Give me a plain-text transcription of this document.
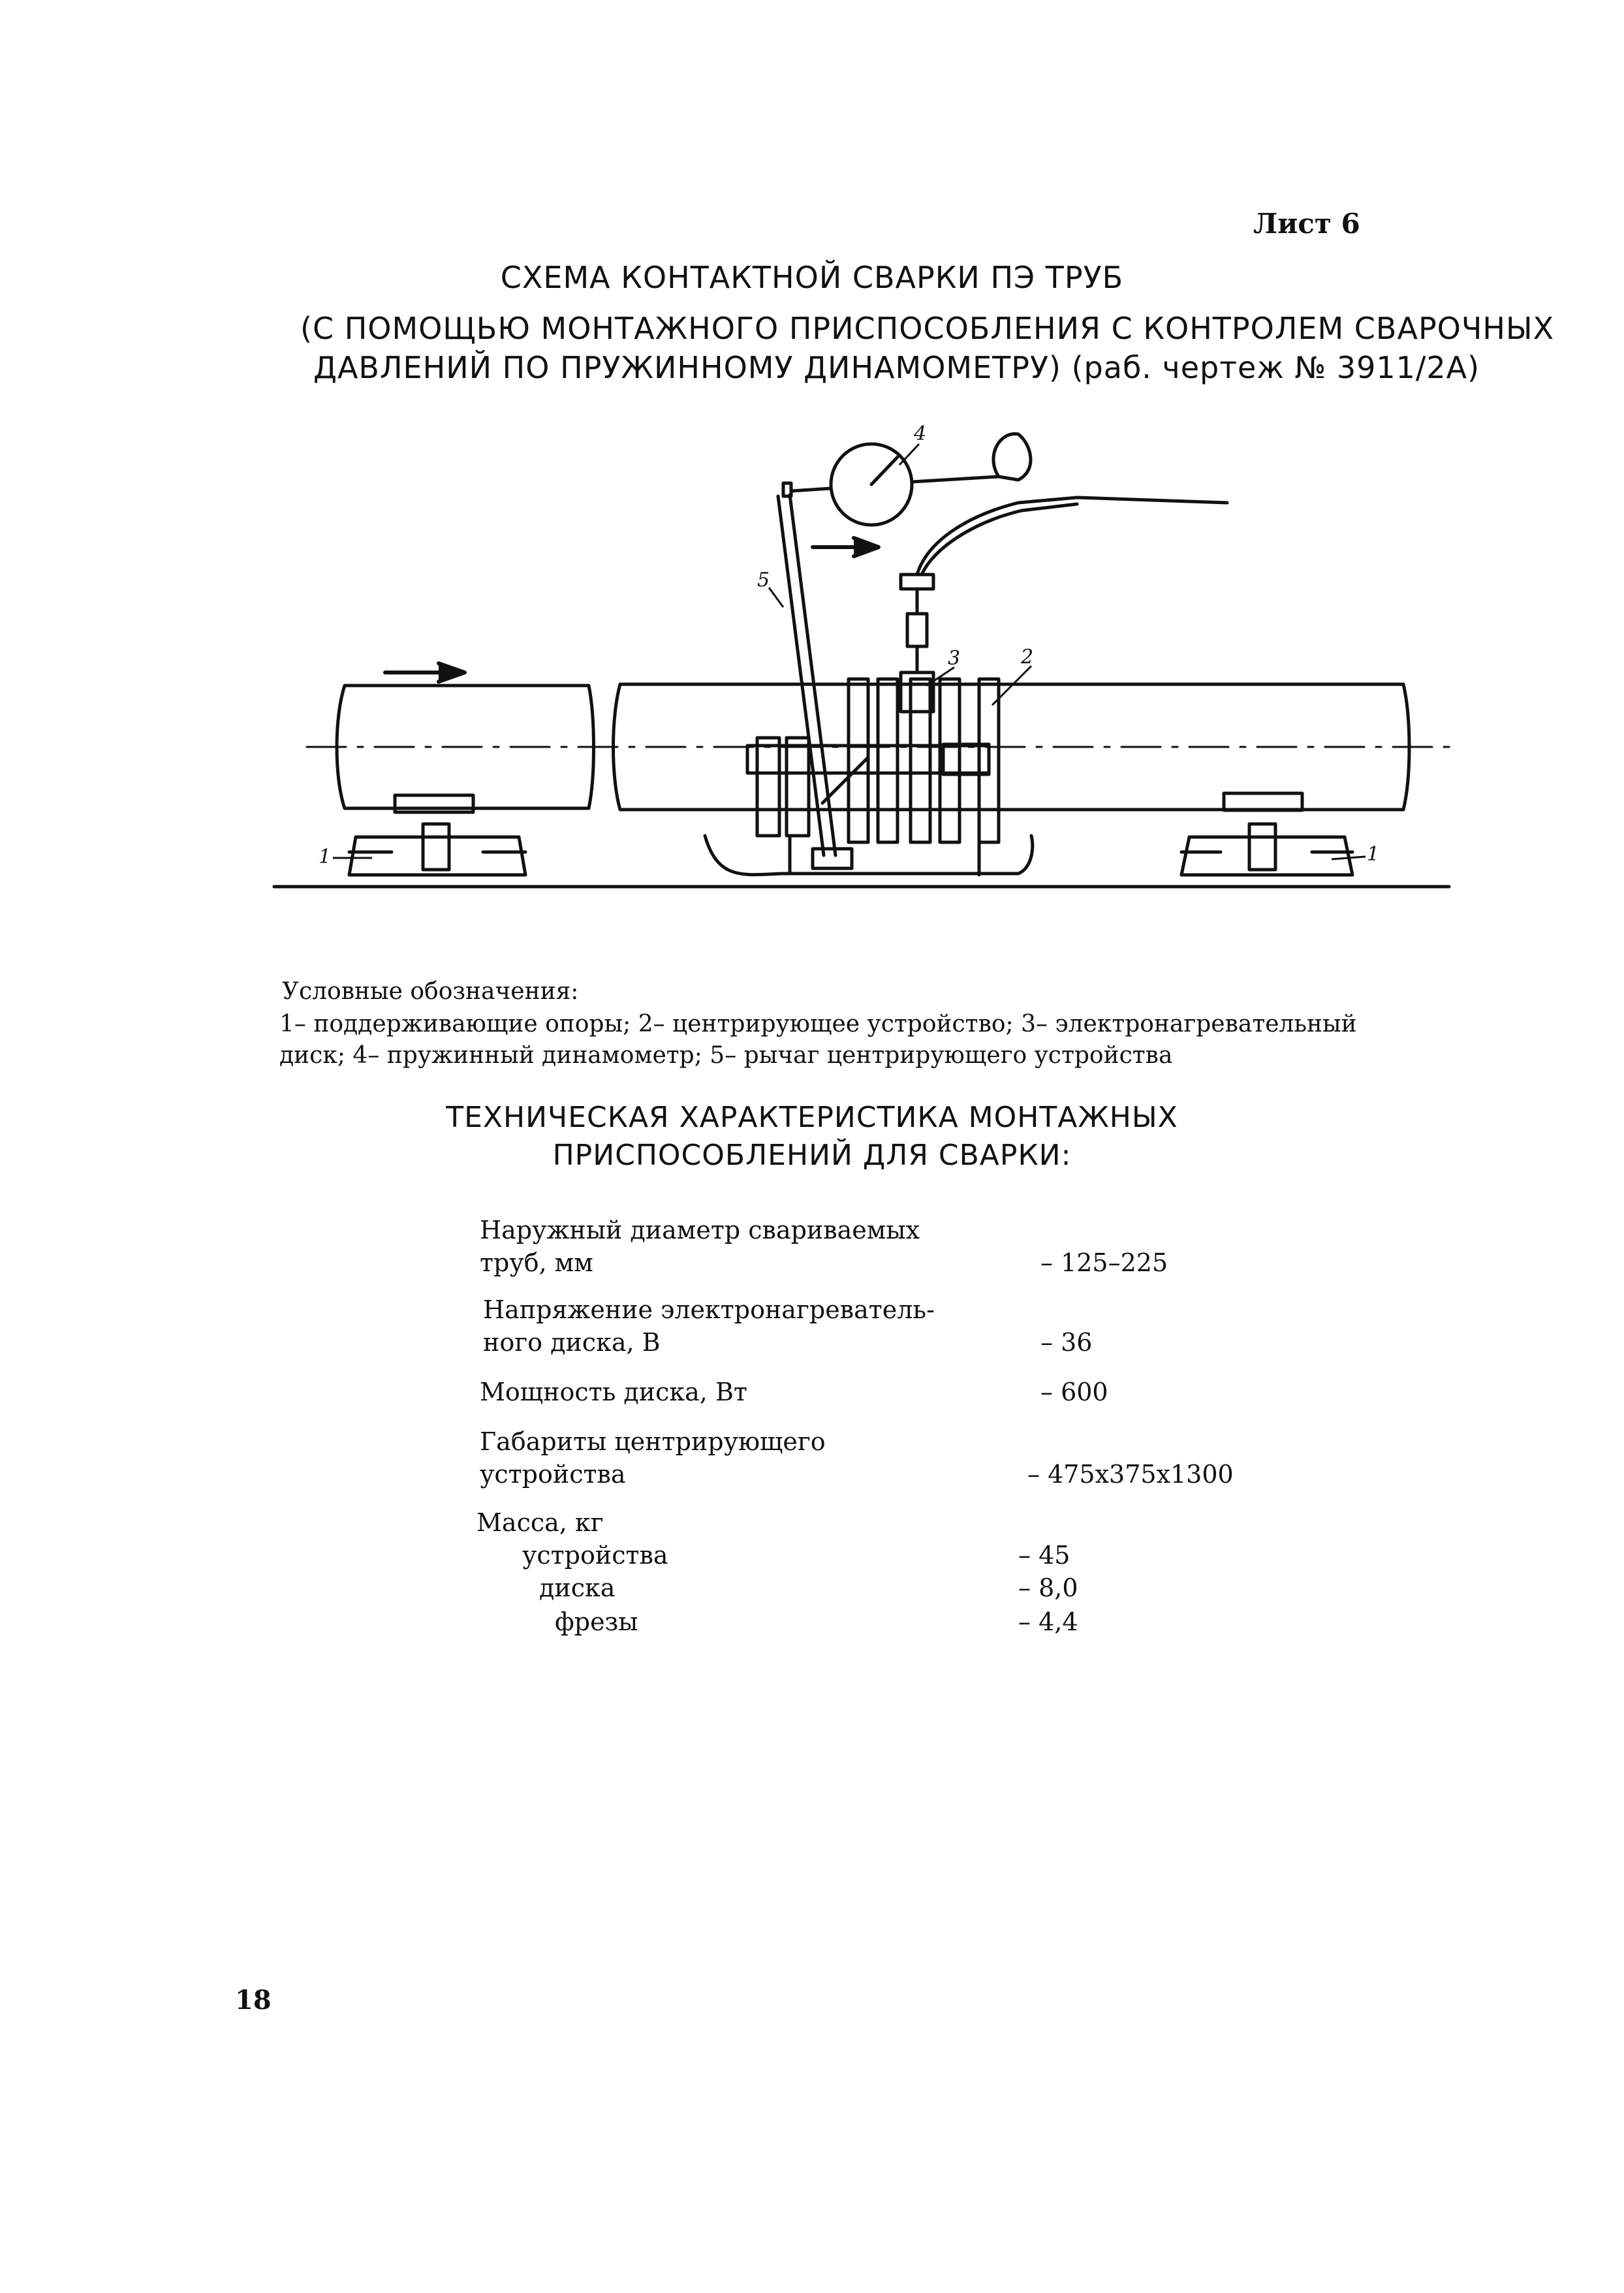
Лист 6
СХЕМА КОНТАКТНОЙ СВАРКИ ПЭ ТРУБ
(С ПОМОЩЬЮ МОНТАЖНОГО ПРИСПОСОБЛЕНИЯ С КОНТРОЛЕМ СВАРОЧНЫХ
ДАВЛЕНИЙ ПО ПРУЖИННОМУ ДИНАМОМЕТРУ) (раб. чертеж № 3911/2А)
1
2
3
4
5
1
Условные обозначения:
1– поддерживающие опоры; 2– центрирующее устройство; 3– электронагревательный
диск; 4– пружинный динамометр; 5– рычаг центрирующего устройства
ТЕХНИЧЕСКАЯ ХАРАКТЕРИСТИКА МОНТАЖНЫХ
ПРИСПОСОБЛЕНИЙ ДЛЯ СВАРКИ:
Наружный диаметр свариваемых
труб, мм	– 125–225
Напряжение электронагреватель-
ного диска, В	– 36
Мощность диска, Вт	– 600
Габариты центрирующего
устройства	– 475х375х1300
Масса, кг
устройства	– 45
диска	– 8,0
фрезы	– 4,4
18
